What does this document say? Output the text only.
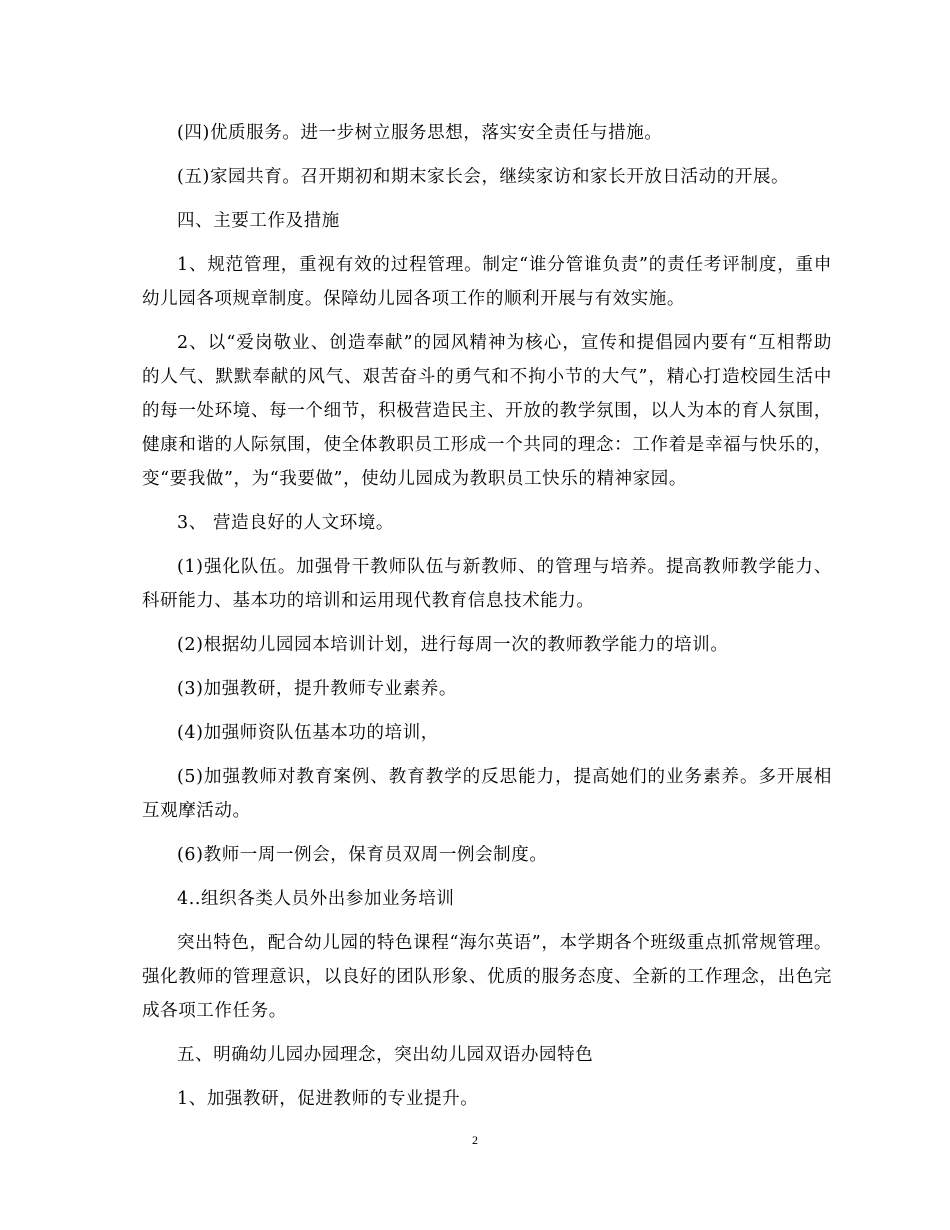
(四)优质服务。进一步树立服务思想，落实安全责任与措施。

(五)家园共育。召开期初和期末家长会，继续家访和家长开放日活动的开展。

四、主要工作及措施

1、规范管理，重视有效的过程管理。制定“谁分管谁负责”的责任考评制度，重申幼儿园各项规章制度。保障幼儿园各项工作的顺利开展与有效实施。

2、以“爱岗敬业、创造奉献”的园风精神为核心，宣传和提倡园内要有“互相帮助的人气、默默奉献的风气、艰苦奋斗的勇气和不拘小节的大气”，精心打造校园生活中的每一处环境、每一个细节，积极营造民主、开放的教学氛围，以人为本的育人氛围，健康和谐的人际氛围，使全体教职员工形成一个共同的理念：工作着是幸福与快乐的，变“要我做”，为“我要做”，使幼儿园成为教职员工快乐的精神家园。

3、 营造良好的人文环境。

(1)强化队伍。加强骨干教师队伍与新教师、的管理与培养。提高教师教学能力、科研能力、基本功的培训和运用现代教育信息技术能力。

(2)根据幼儿园园本培训计划，进行每周一次的教师教学能力的培训。

(3)加强教研，提升教师专业素养。

(4)加强师资队伍基本功的培训，

(5)加强教师对教育案例、教育教学的反思能力，提高她们的业务素养。多开展相互观摩活动。

(6)教师一周一例会，保育员双周一例会制度。

4..组织各类人员外出参加业务培训

突出特色，配合幼儿园的特色课程“海尔英语”，本学期各个班级重点抓常规管理。强化教师的管理意识，以良好的团队形象、优质的服务态度、全新的工作理念，出色完成各项工作任务。

五、明确幼儿园办园理念，突出幼儿园双语办园特色

1、加强教研，促进教师的专业提升。

2
